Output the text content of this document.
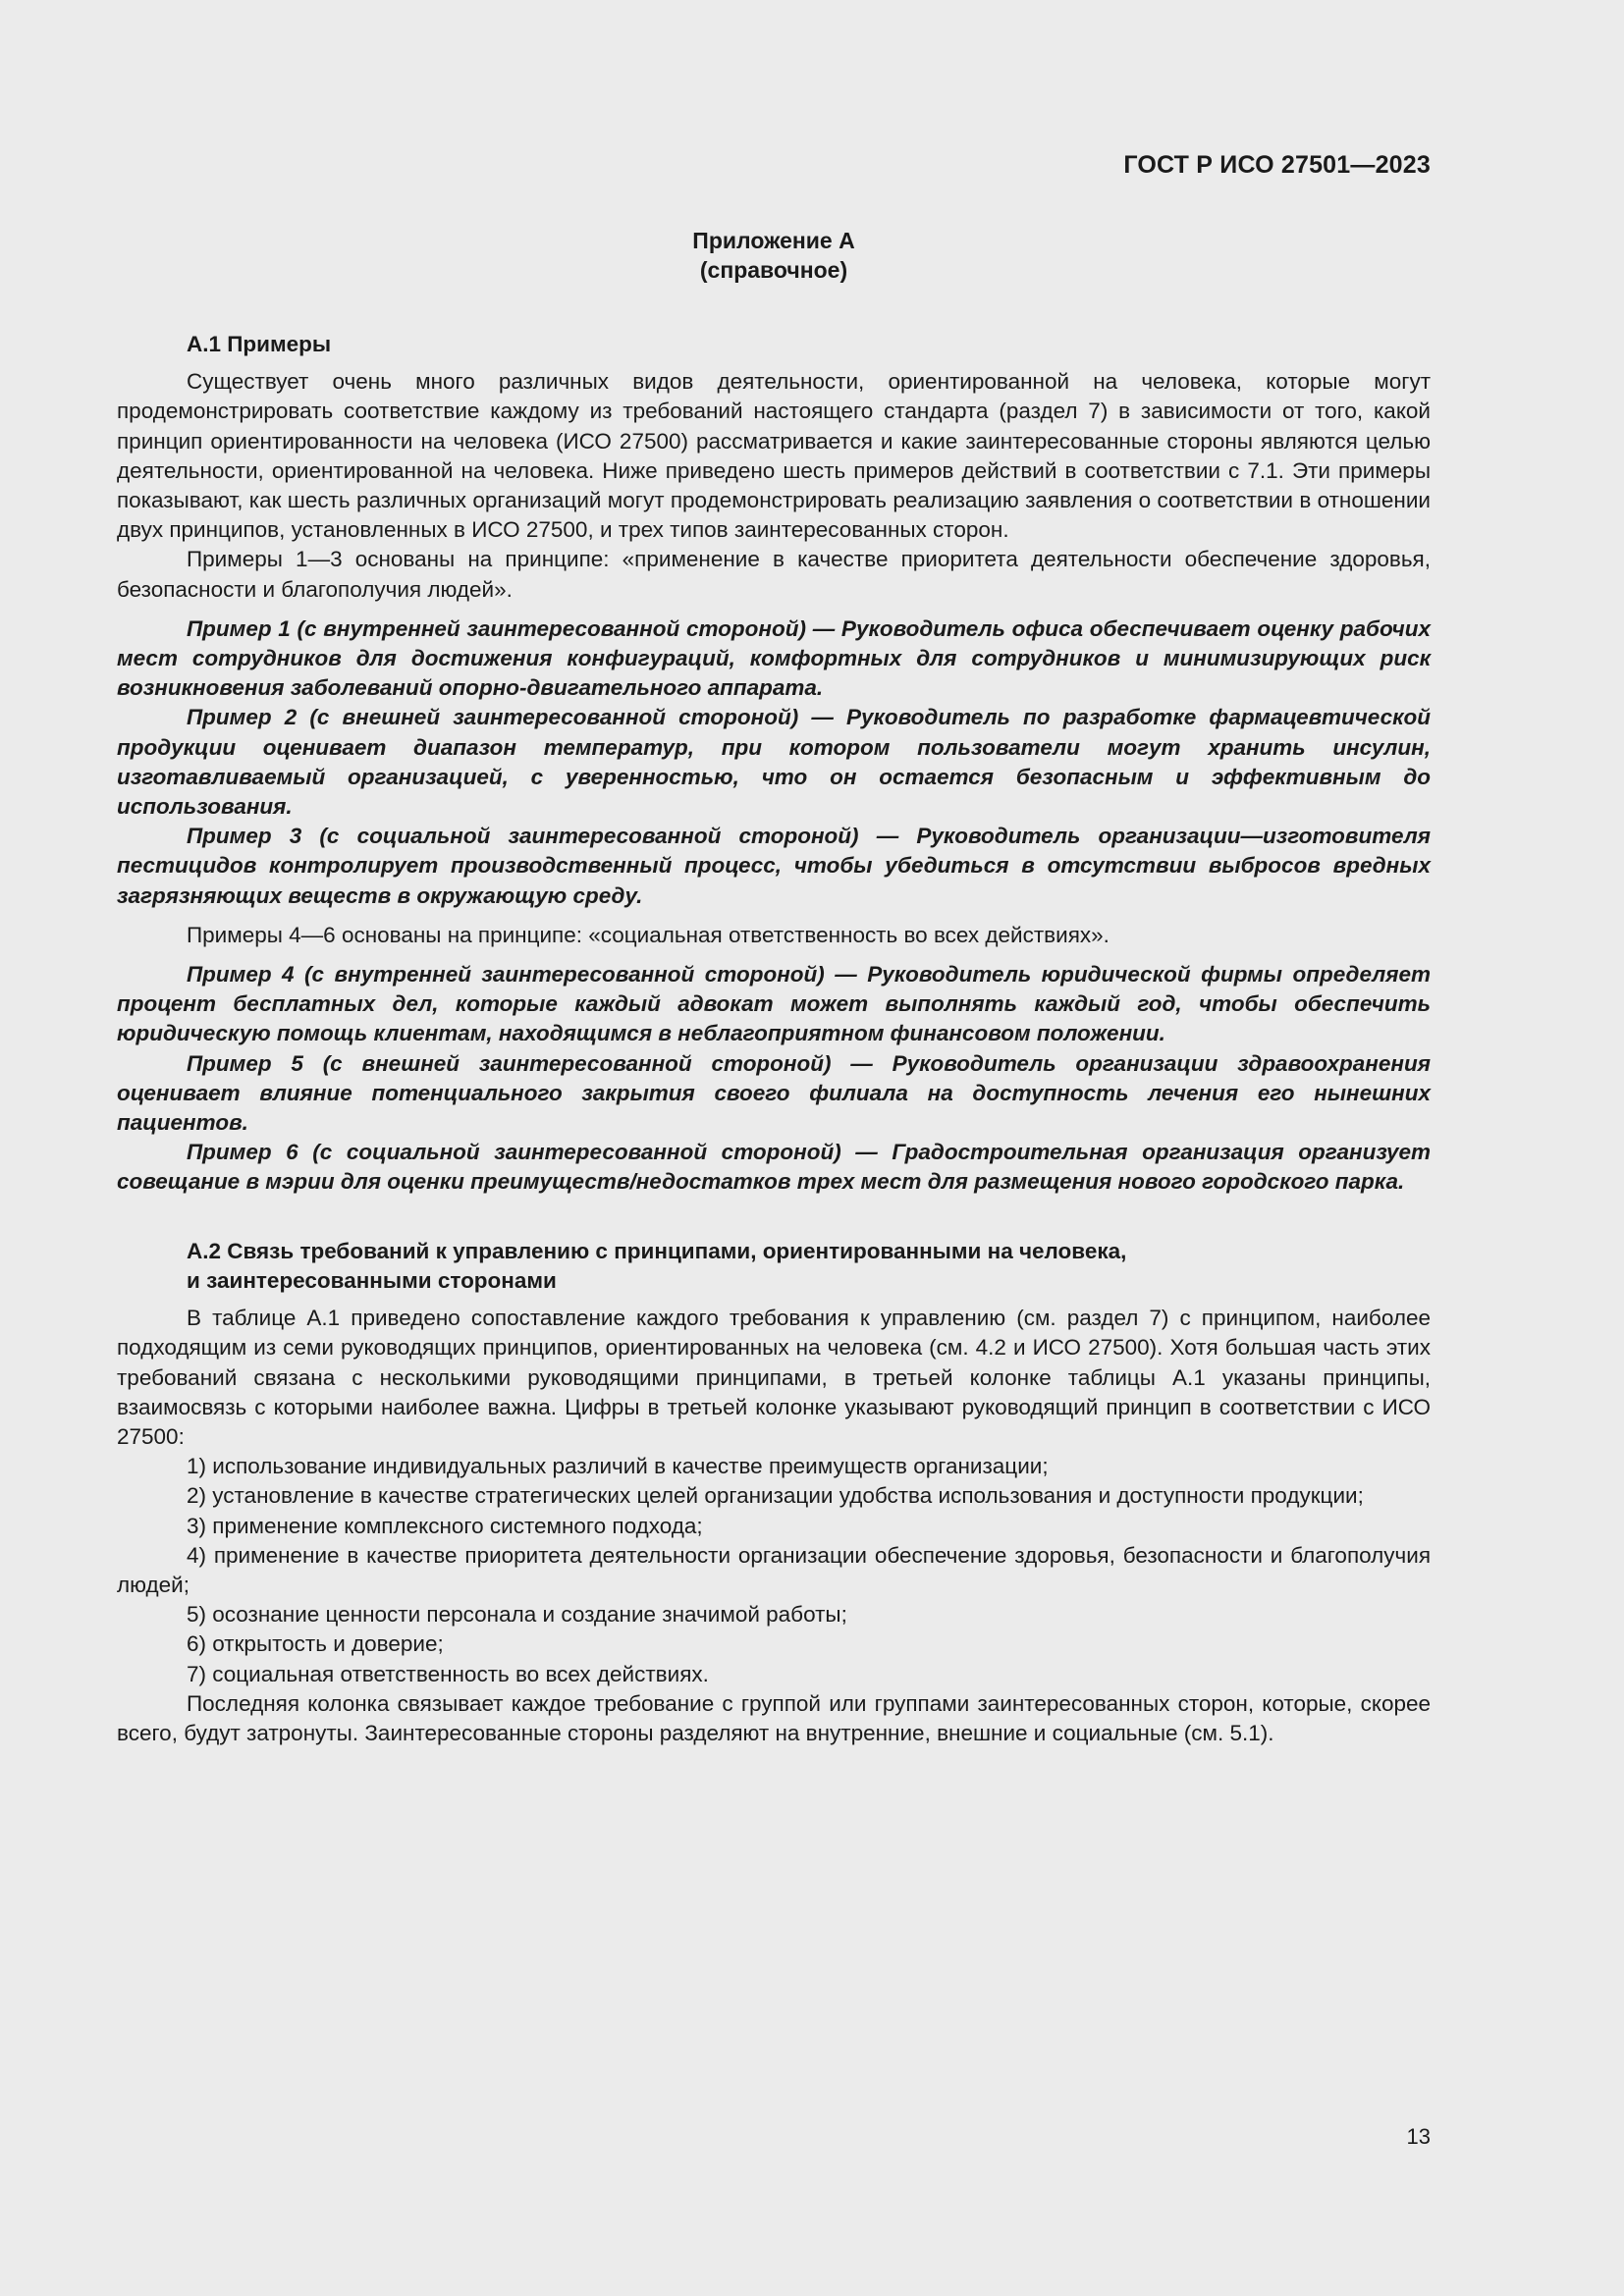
ГОСТ Р ИСО 27501—2023
Приложение А
(справочное)

А.1 Примеры

Существует очень много различных видов деятельности, ориентированной на человека, которые могут продемонстрировать соответствие каждому из требований настоящего стандарта (раздел 7) в зависимости от того, какой принцип ориентированности на человека (ИСО 27500) рассматривается и какие заинтересованные стороны являются целью деятельности, ориентированной на человека. Ниже приведено шесть примеров действий в соответствии с 7.1. Эти примеры показывают, как шесть различных организаций могут продемонстрировать реализацию заявления о соответствии в отношении двух принципов, установленных в ИСО 27500, и трех типов заинтересованных сторон.

Примеры 1—3 основаны на принципе: «применение в качестве приоритета деятельности обеспечение здоровья, безопасности и благополучия людей».

Пример 1 (с внутренней заинтересованной стороной) — Руководитель офиса обеспечивает оценку рабочих мест сотрудников для достижения конфигураций, комфортных для сотрудников и минимизирующих риск возникновения заболеваний опорно-двигательного аппарата.

Пример 2 (с внешней заинтересованной стороной) — Руководитель по разработке фармацевтической продукции оценивает диапазон температур, при котором пользователи могут хранить инсулин, изготавливаемый организацией, с уверенностью, что он остается безопасным и эффективным до использования.

Пример 3 (с социальной заинтересованной стороной) — Руководитель организации—изготовителя пестицидов контролирует производственный процесс, чтобы убедиться в отсутствии выбросов вредных загрязняющих веществ в окружающую среду.

Примеры 4—6 основаны на принципе: «социальная ответственность во всех действиях».

Пример 4 (с внутренней заинтересованной стороной) — Руководитель юридической фирмы определяет процент бесплатных дел, которые каждый адвокат может выполнять каждый год, чтобы обеспечить юридическую помощь клиентам, находящимся в неблагоприятном финансовом положении.

Пример 5 (с внешней заинтересованной стороной) — Руководитель организации здравоохранения оценивает влияние потенциального закрытия своего филиала на доступность лечения его нынешних пациентов.

Пример 6 (с социальной заинтересованной стороной) — Градостроительная организация организует совещание в мэрии для оценки преимуществ/недостатков трех мест для размещения нового городского парка.

А.2 Связь требований к управлению с принципами, ориентированными на человека,

и заинтересованными сторонами

В таблице А.1 приведено сопоставление каждого требования к управлению (см. раздел 7) с принципом, наиболее подходящим из семи руководящих принципов, ориентированных на человека (см. 4.2 и ИСО 27500). Хотя большая часть этих требований связана с несколькими руководящими принципами, в третьей колонке таблицы А.1 указаны принципы, взаимосвязь с которыми наиболее важна. Цифры в третьей колонке указывают руководящий принцип в соответствии с ИСО 27500:

1) использование индивидуальных различий в качестве преимуществ организации;

2) установление в качестве стратегических целей организации удобства использования и доступности продукции;

3) применение комплексного системного подхода;

4) применение в качестве приоритета деятельности организации обеспечение здоровья, безопасности и благополучия людей;

5) осознание ценности персонала и создание значимой работы;

6) открытость и доверие;

7) социальная ответственность во всех действиях.

Последняя колонка связывает каждое требование с группой или группами заинтересованных сторон, которые, скорее всего, будут затронуты. Заинтересованные стороны разделяют на внутренние, внешние и социальные (см. 5.1).

13
